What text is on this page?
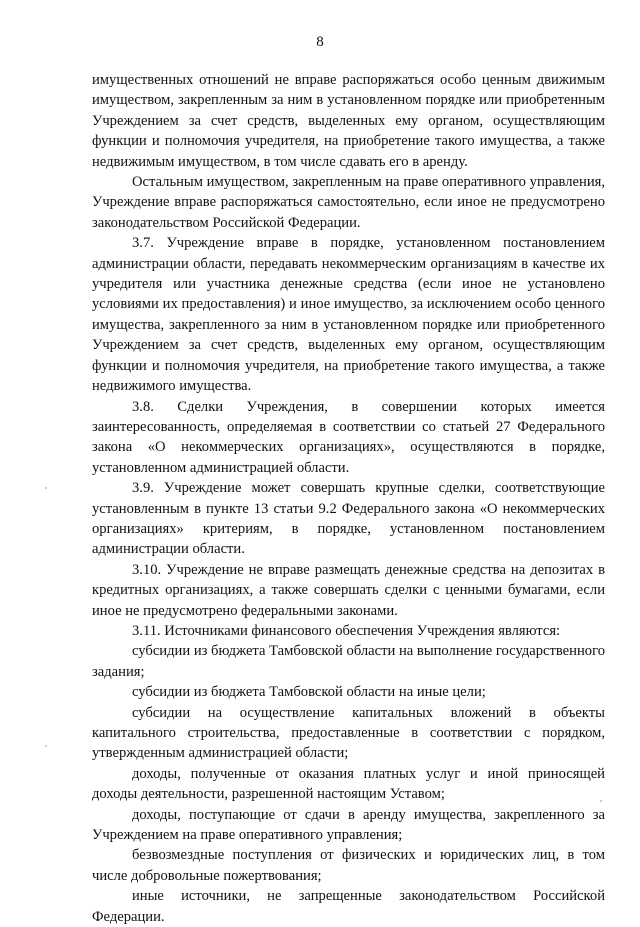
8

имущественных отношений не вправе распоряжаться особо ценным движимым имуществом, закрепленным за ним в установленном порядке или приобретенным Учреждением за счет средств, выделенных ему органом, осуществляющим функции и полномочия учредителя, на приобретение такого имущества, а также недвижимым имуществом, в том числе сдавать его в аренду.

Остальным имуществом, закрепленным на праве оперативного управления, Учреждение вправе распоряжаться самостоятельно, если иное не предусмотрено законодательством Российской Федерации.

3.7. Учреждение вправе в порядке, установленном постановлением администрации области, передавать некоммерческим организациям в качестве их учредителя или участника денежные средства (если иное не установлено условиями их предоставления) и иное имущество, за исключением особо ценного имущества, закрепленного за ним в установленном порядке или приобретенного Учреждением за счет средств, выделенных ему органом, осуществляющим функции и полномочия учредителя, на приобретение такого имущества, а также недвижимого имущества.

3.8. Сделки Учреждения, в совершении которых имеется заинтересованность, определяемая в соответствии со статьей 27 Федерального закона «О некоммерческих организациях», осуществляются в порядке, установленном администрацией области.

3.9. Учреждение может совершать крупные сделки, соответствующие установленным в пункте 13 статьи 9.2 Федерального закона «О некоммерческих организациях» критериям, в порядке, установленном постановлением администрации области.

3.10. Учреждение не вправе размещать денежные средства на депозитах в кредитных организациях, а также совершать сделки с ценными бумагами, если иное не предусмотрено федеральными законами.

3.11. Источниками финансового обеспечения Учреждения являются:

субсидии из бюджета Тамбовской области на выполнение государственного задания;

субсидии из бюджета Тамбовской области на иные цели;

субсидии на осуществление капитальных вложений в объекты капитального строительства, предоставленные в соответствии с порядком, утвержденным администрацией области;

доходы, полученные от оказания платных услуг и иной приносящей доходы деятельности, разрешенной настоящим Уставом;

доходы, поступающие от сдачи в аренду имущества, закрепленного за Учреждением на праве оперативного управления;

безвозмездные поступления от физических и юридических лиц, в том числе добровольные пожертвования;

иные источники, не запрещенные законодательством Российской Федерации.
